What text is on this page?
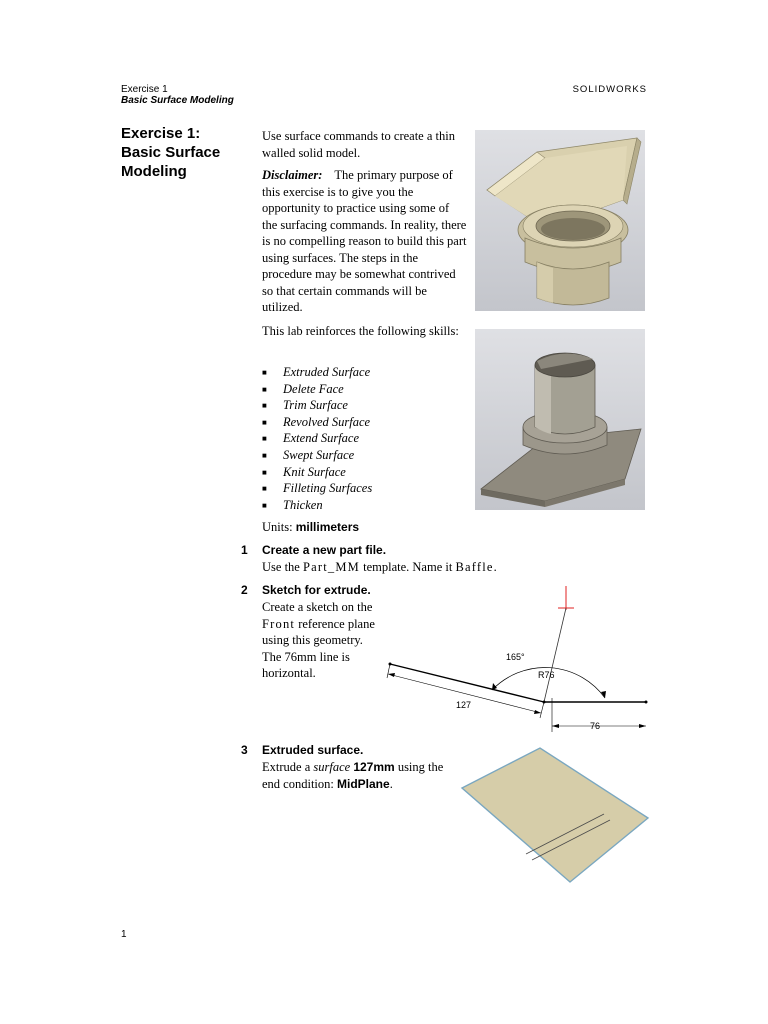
Exercise 1
Basic Surface Modeling
SOLIDWORKS
Exercise 1:
Basic Surface
Modeling
Use surface commands to create a thin walled solid model.
Disclaimer: The primary purpose of this exercise is to give you the opportunity to practice using some of the surfacing commands. In reality, there is no compelling reason to build this part using surfaces. The steps in the procedure may be somewhat contrived so that certain commands will be utilized.
This lab reinforces the following skills:
■	Extruded Surface
■	Delete Face
■	Trim Surface
■	Revolved Surface
■	Extend Surface
■	Swept Surface
■	Knit Surface
■	Filleting Surfaces
■	Thicken
Units: millimeters
1 Create a new part file.
Use the Part_MM template. Name it Baffle.
2 Sketch for extrude.
Create a sketch on the Front reference plane using this geometry. The 76mm line is horizontal.
3 Extruded surface.
Extrude a surface 127mm using the end condition: MidPlane.
127
76
165°
R76
1
